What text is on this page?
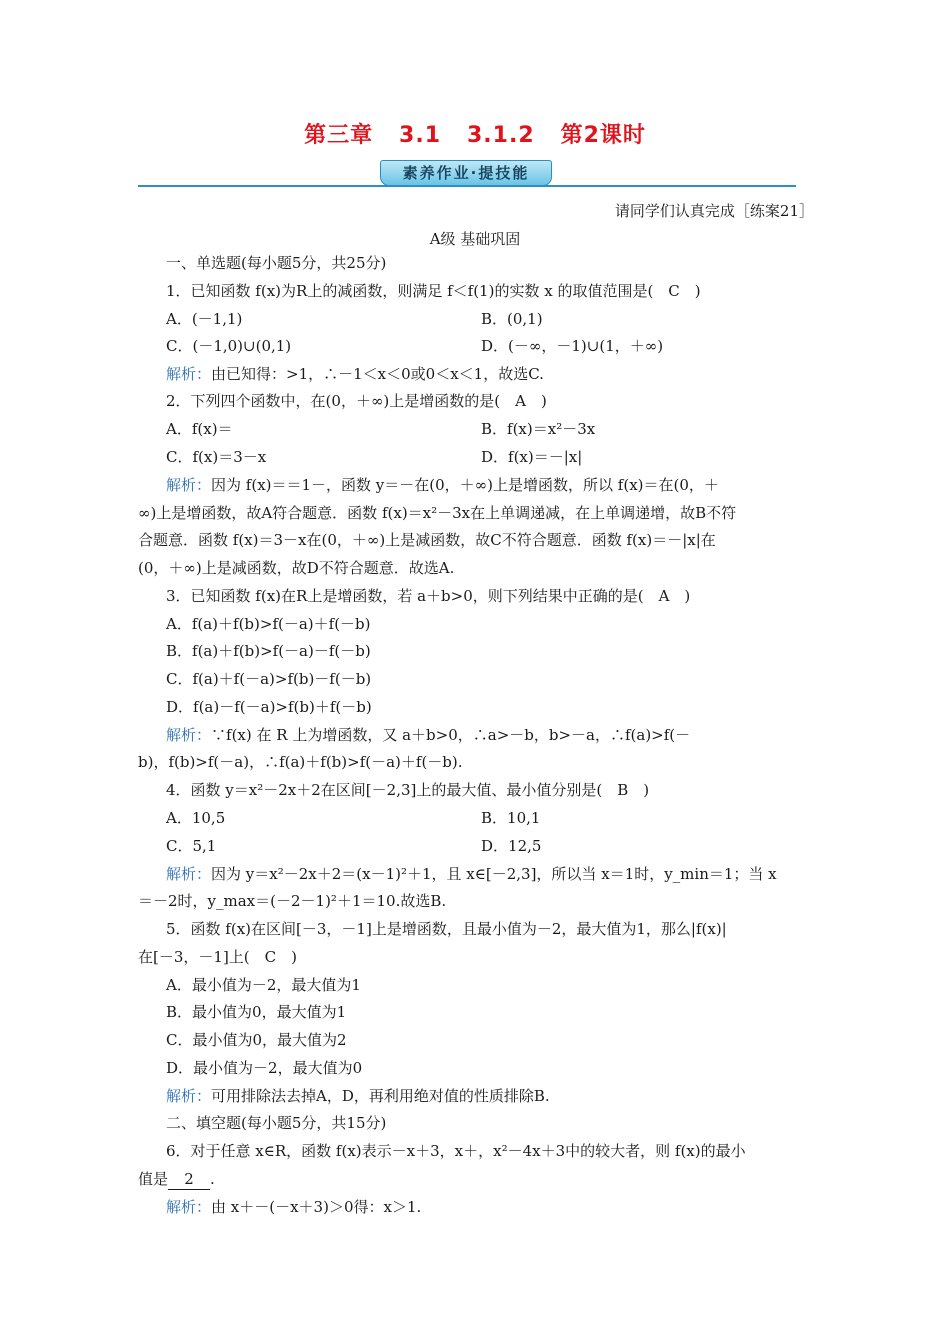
第三章   3.1   3.1.2   第2课时
素养作业·提技能
请同学们认真完成［练案21］
A级 基础巩固
一、单选题(每小题5分，共25分)
1．已知函数 f(x)为R上的减函数，则满足 f＜f(1)的实数 x 的取值范围是(　C　)
A．(－1,1)	B．(0,1)
C．(－1,0)∪(0,1)	D．(－∞，－1)∪(1，＋∞)
解析：由已知得：>1，∴－1＜x＜0或0＜x＜1，故选C.
2．下列四个函数中，在(0，＋∞)上是增函数的是(　A　)
A．f(x)＝	B．f(x)＝x²－3x
C．f(x)＝3－x	D．f(x)＝－|x|
解析：因为 f(x)＝＝1－，函数 y＝－在(0，＋∞)上是增函数，所以 f(x)＝在(0，＋
∞)上是增函数，故A符合题意．函数 f(x)＝x²－3x在上单调递减，在上单调递增，故B不符
合题意．函数 f(x)＝3－x在(0，＋∞)上是减函数，故C不符合题意．函数 f(x)＝－|x|在
(0，＋∞)上是减函数，故D不符合题意．故选A.
3．已知函数 f(x)在R上是增函数，若 a＋b>0，则下列结果中正确的是(　A　)
A．f(a)＋f(b)>f(－a)＋f(－b)
B．f(a)＋f(b)>f(－a)－f(－b)
C．f(a)＋f(－a)>f(b)－f(－b)
D．f(a)－f(－a)>f(b)＋f(－b)
解析：∵f(x) 在 R 上为增函数，又 a＋b>0，∴a>－b，b>－a，∴f(a)>f(－
b)，f(b)>f(－a)，∴f(a)＋f(b)>f(－a)＋f(－b).
4．函数 y＝x²－2x＋2在区间[－2,3]上的最大值、最小值分别是(　B　)
A．10,5	B．10,1
C．5,1	D．12,5
解析：因为 y＝x²－2x＋2＝(x－1)²＋1，且 x∈[－2,3]，所以当 x＝1时，y_min＝1；当 x
＝－2时，y_max＝(－2－1)²＋1＝10.故选B.
5．函数 f(x)在区间[－3，－1]上是增函数，且最小值为－2，最大值为1，那么|f(x)|
在[－3，－1]上(　C　)
A．最小值为－2，最大值为1
B．最小值为0，最大值为1
C．最小值为0，最大值为2
D．最小值为－2，最大值为0
解析：可用排除法去掉A，D，再利用绝对值的性质排除B.
二、填空题(每小题5分，共15分)
6．对于任意 x∈R，函数 f(x)表示－x＋3，x＋，x²－4x＋3中的较大者，则 f(x)的最小
值是 2 .
解析：由 x＋－(－x＋3)＞0得：x＞1.
